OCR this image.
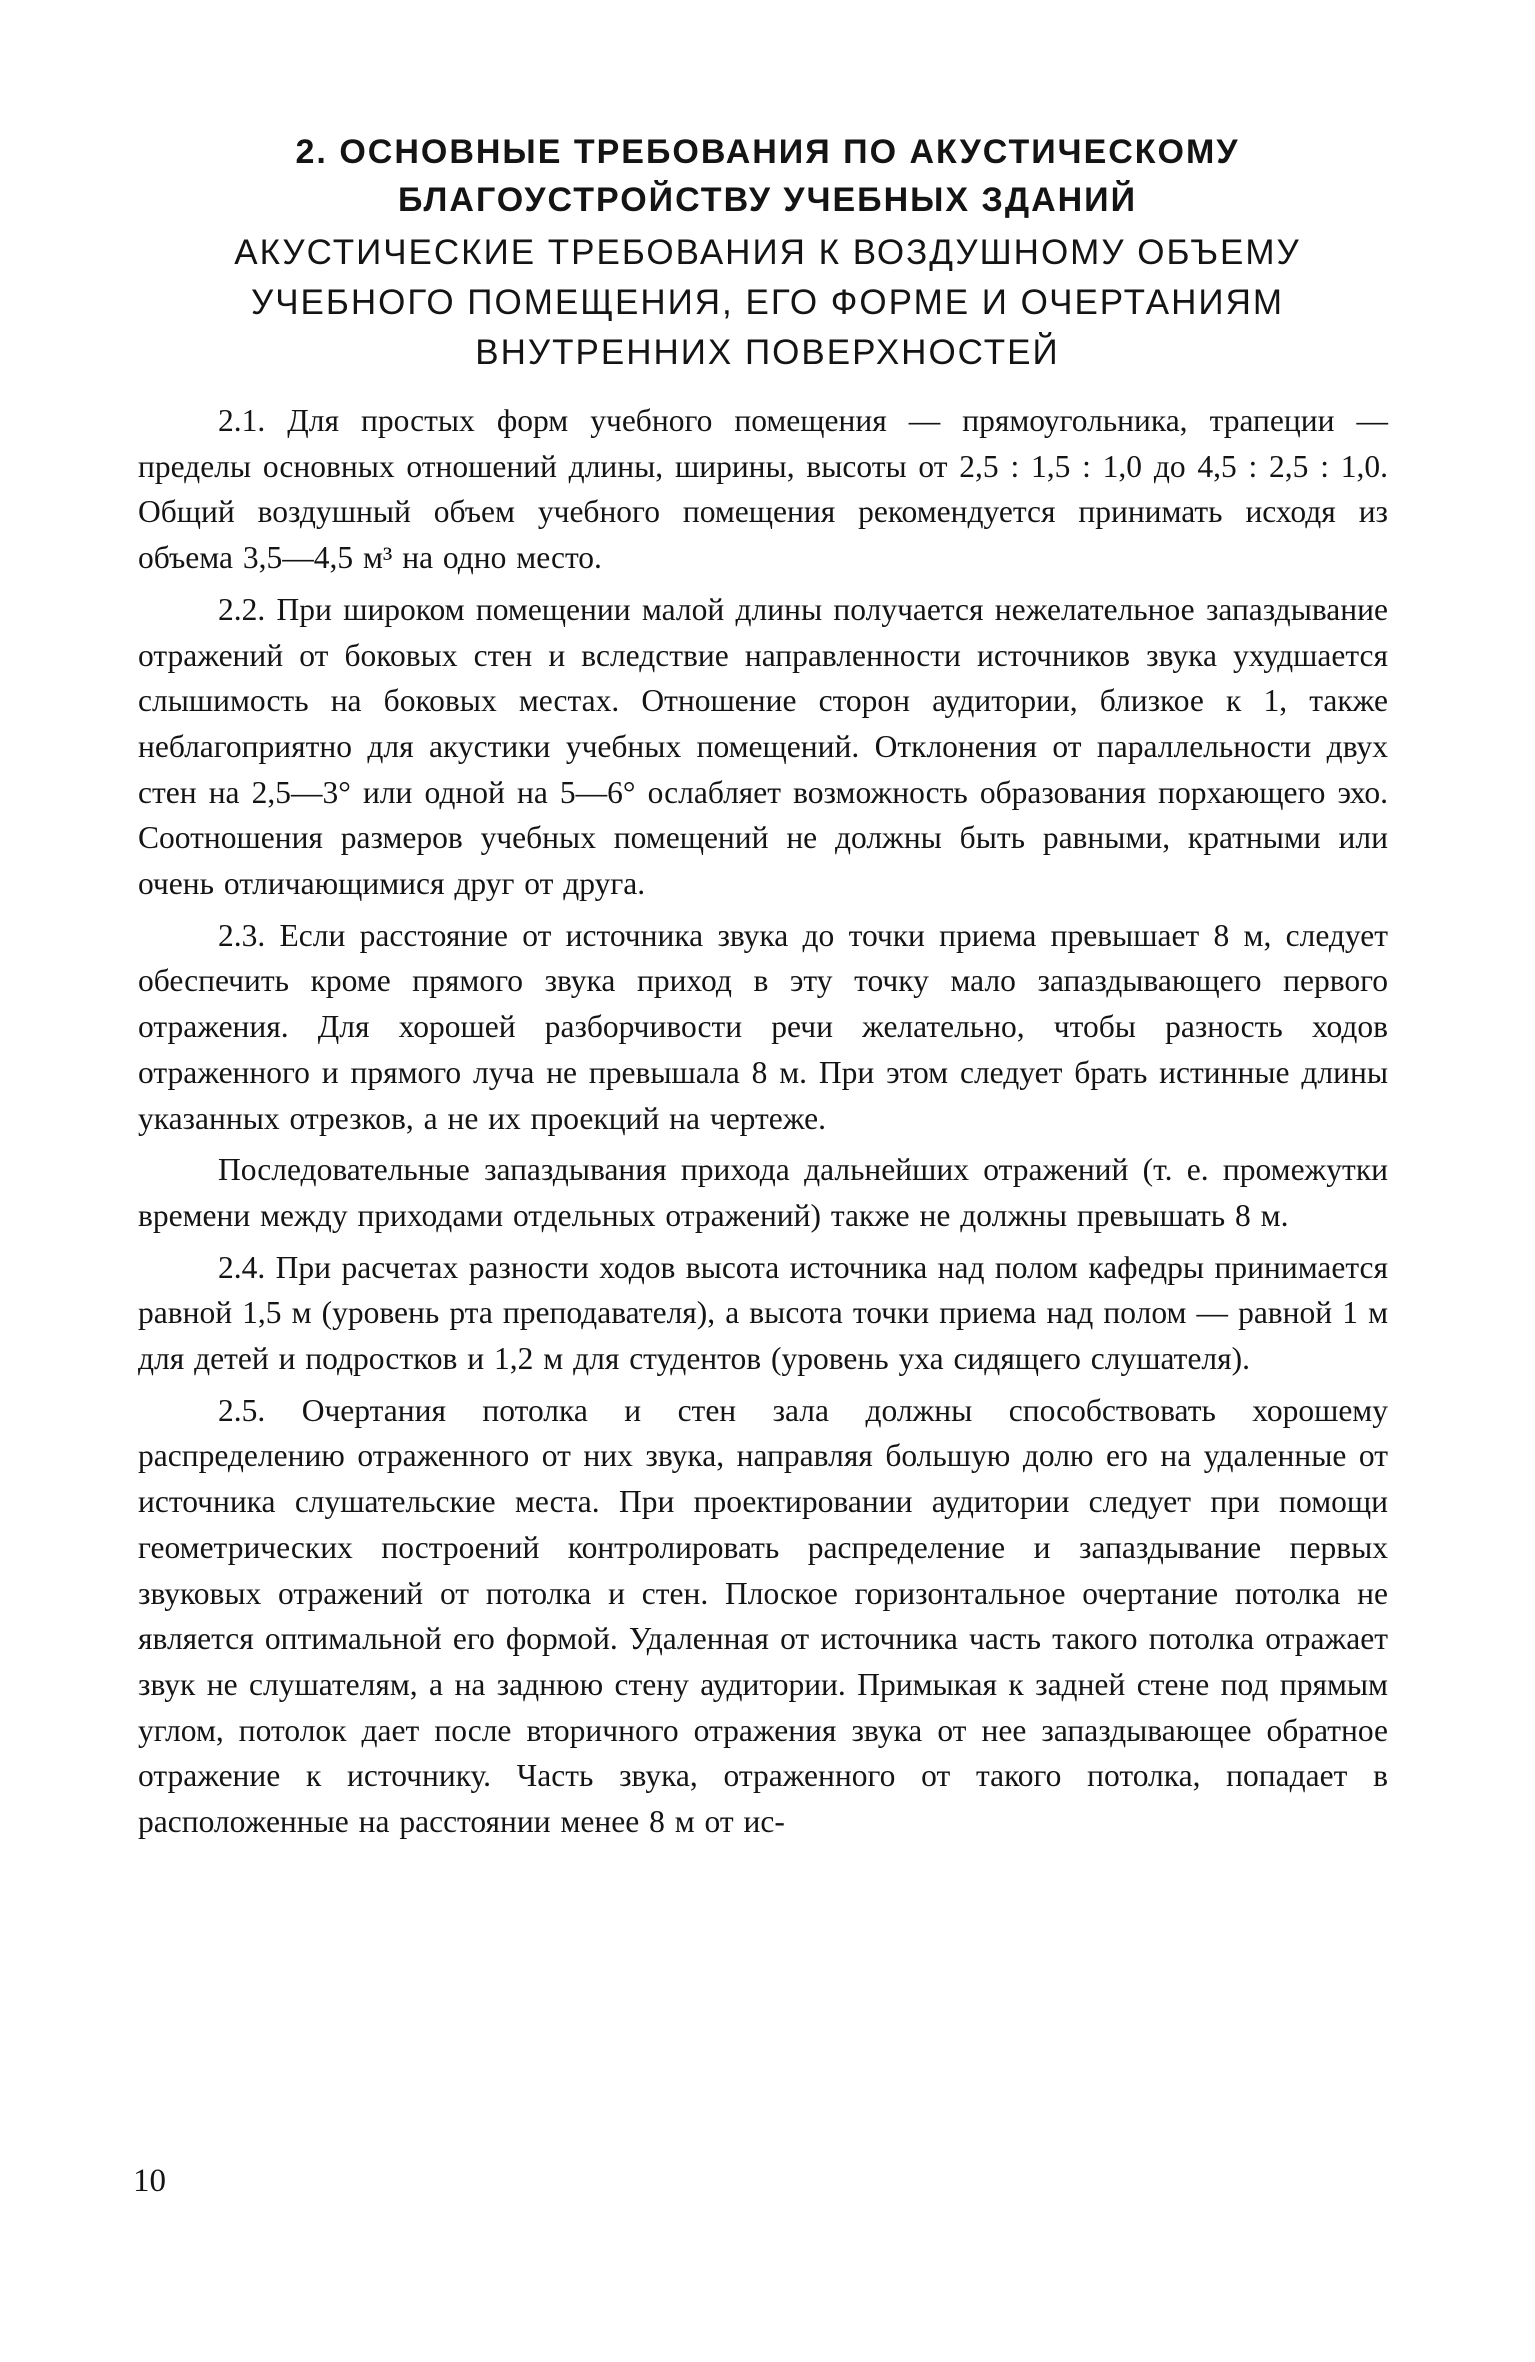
2. ОСНОВНЫЕ ТРЕБОВАНИЯ ПО АКУСТИЧЕСКОМУ

БЛАГОУСТРОЙСТВУ УЧЕБНЫХ ЗДАНИЙ

АКУСТИЧЕСКИЕ ТРЕБОВАНИЯ К ВОЗДУШНОМУ ОБЪЕМУ

УЧЕБНОГО ПОМЕЩЕНИЯ, ЕГО ФОРМЕ И ОЧЕРТАНИЯМ

ВНУТРЕННИХ ПОВЕРХНОСТЕЙ

2.1. Для простых форм учебного помещения — прямоугольника, трапеции — пределы основных отношений длины, ширины, высоты от 2,5 : 1,5 : 1,0 до 4,5 : 2,5 : 1,0. Общий воздушный объем учебного помещения рекомендуется принимать исходя из объема 3,5—4,5 м³ на одно место.

2.2. При широком помещении малой длины получается нежелательное запаздывание отражений от боковых стен и вследствие направленности источников звука ухудшается слышимость на боковых местах. Отношение сторон аудитории, близкое к 1, также неблагоприятно для акустики учебных помещений. Отклонения от параллельности двух стен на 2,5—3° или одной на 5—6° ослабляет возможность образования порхающего эхо. Соотношения размеров учебных помещений не должны быть равными, кратными или очень отличающимися друг от друга.

2.3. Если расстояние от источника звука до точки приема превышает 8 м, следует обеспечить кроме прямого звука приход в эту точку мало запаздывающего первого отражения. Для хорошей разборчивости речи желательно, чтобы разность ходов отраженного и прямого луча не превышала 8 м. При этом следует брать истинные длины указанных отрезков, а не их проекций на чертеже.

Последовательные запаздывания прихода дальнейших отражений (т. е. промежутки времени между приходами отдельных отражений) также не должны превышать 8 м.

2.4. При расчетах разности ходов высота источника над полом кафедры принимается равной 1,5 м (уровень рта преподавателя), а высота точки приема над полом — равной 1 м для детей и подростков и 1,2 м для студентов (уровень уха сидящего слушателя).

2.5. Очертания потолка и стен зала должны способствовать хорошему распределению отраженного от них звука, направляя большую долю его на удаленные от источника слушательские места. При проектировании аудитории следует при помощи геометрических построений контролировать распределение и запаздывание первых звуковых отражений от потолка и стен. Плоское горизонтальное очертание потолка не является оптимальной его формой. Удаленная от источника часть такого потолка отражает звук не слушателям, а на заднюю стену аудитории. Примыкая к задней стене под прямым углом, потолок дает после вторичного отражения звука от нее запаздывающее обратное отражение к источнику. Часть звука, отраженного от такого потолка, попадает в расположенные на расстоянии менее 8 м от ис-

10
